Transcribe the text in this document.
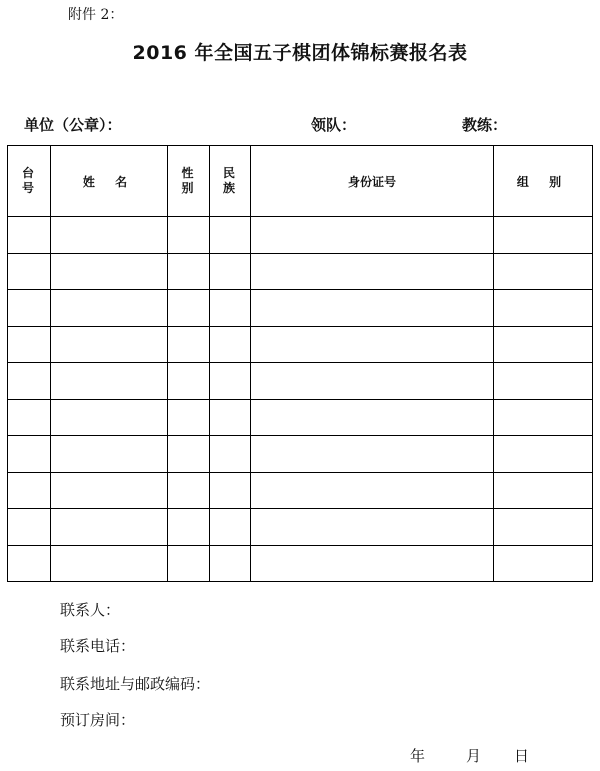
附件 2：
2016 年全国五子棋团体锦标赛报名表
单位（公章）：	领队：	教练：
台号	姓 名	性别	民族	身份证号	组 别

联系人：
联系电话：
联系地址与邮政编码：
预订房间：
年	月 日
